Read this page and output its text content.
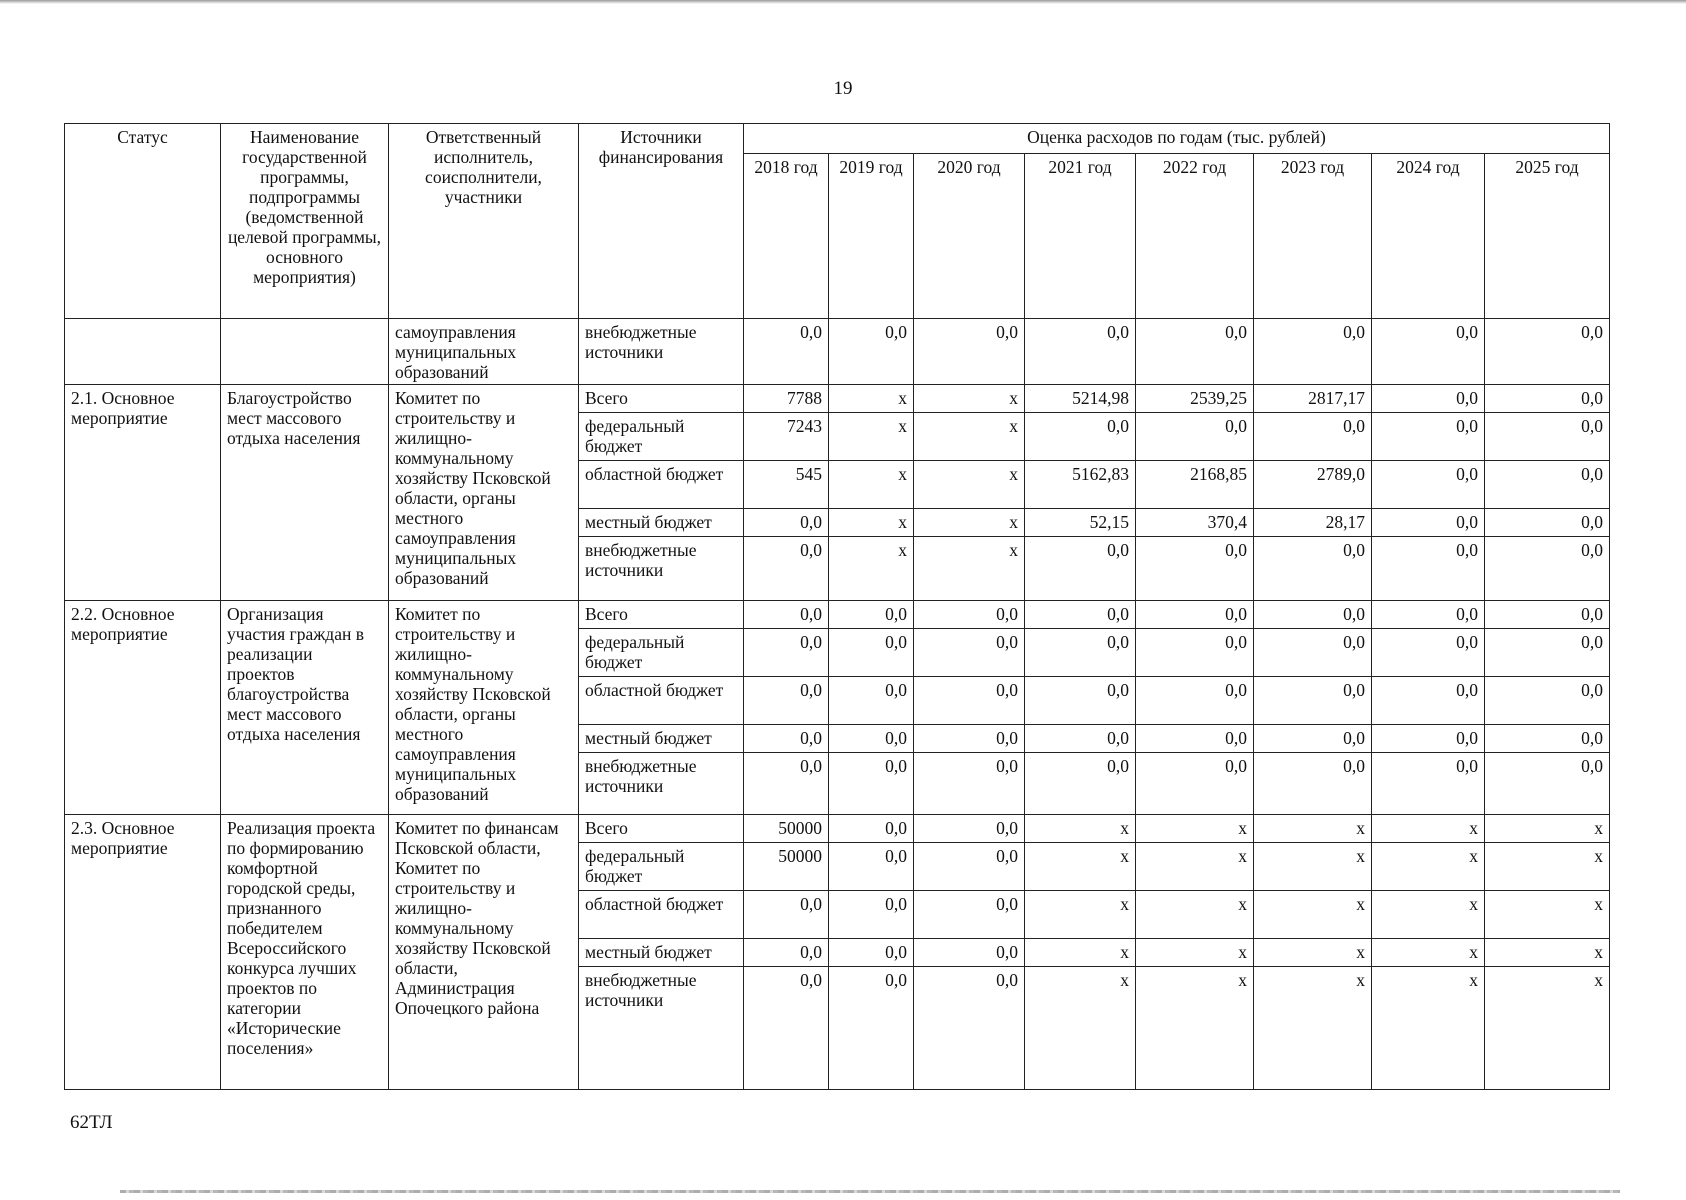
19
Статус	Наименование государственной программы, подпрограммы (ведомственной целевой программы, основного мероприятия)	Ответственный исполнитель, соисполнители, участники	Источники финансирования	Оценка расходов по годам (тыс. рублей)							
				2018 год	2019 год	2020 год	2021 год	2022 год	2023 год	2024 год	2025 год
		самоуправления муниципальных образований	внебюджетные источники	0,0	0,0	0,0	0,0	0,0	0,0	0,0	0,0
2.1. Основное мероприятие	Благоустройство мест массового отдыха населения	Комитет по строительству и жилищно-коммунальному хозяйству Псковской области, органы местного самоуправления муниципальных образований	Всего	7788	x	x	5214,98	2539,25	2817,17	0,0	0,0
			федеральный бюджет	7243	x	x	0,0	0,0	0,0	0,0	0,0
			областной бюджет	545	x	x	5162,83	2168,85	2789,0	0,0	0,0
			местный бюджет	0,0	x	x	52,15	370,4	28,17	0,0	0,0
			внебюджетные источники	0,0	x	x	0,0	0,0	0,0	0,0	0,0
2.2. Основное мероприятие	Организация участия граждан в реализации проектов благоустройства мест массового отдыха населения	Комитет по строительству и жилищно-коммунальному хозяйству Псковской области, органы местного самоуправления муниципальных образований	Всего	0,0	0,0	0,0	0,0	0,0	0,0	0,0	0,0
			федеральный бюджет	0,0	0,0	0,0	0,0	0,0	0,0	0,0	0,0
			областной бюджет	0,0	0,0	0,0	0,0	0,0	0,0	0,0	0,0
			местный бюджет	0,0	0,0	0,0	0,0	0,0	0,0	0,0	0,0
			внебюджетные источники	0,0	0,0	0,0	0,0	0,0	0,0	0,0	0,0
2.3. Основное мероприятие	Реализация проекта по формированию комфортной городской среды, признанного победителем Всероссийского конкурса лучших проектов по категории «Исторические поселения»	Комитет по финансам Псковской области, Комитет по строительству и жилищно-коммунальному хозяйству Псковской области, Администрация Опочецкого района	Всего	50000	0,0	0,0	x	x	x	x	x
			федеральный бюджет	50000	0,0	0,0	x	x	x	x	x
			областной бюджет	0,0	0,0	0,0	x	x	x	x	x
			местный бюджет	0,0	0,0	0,0	x	x	x	x	x
			внебюджетные источники	0,0	0,0	0,0	x	x	x	x	x
62ТЛ
